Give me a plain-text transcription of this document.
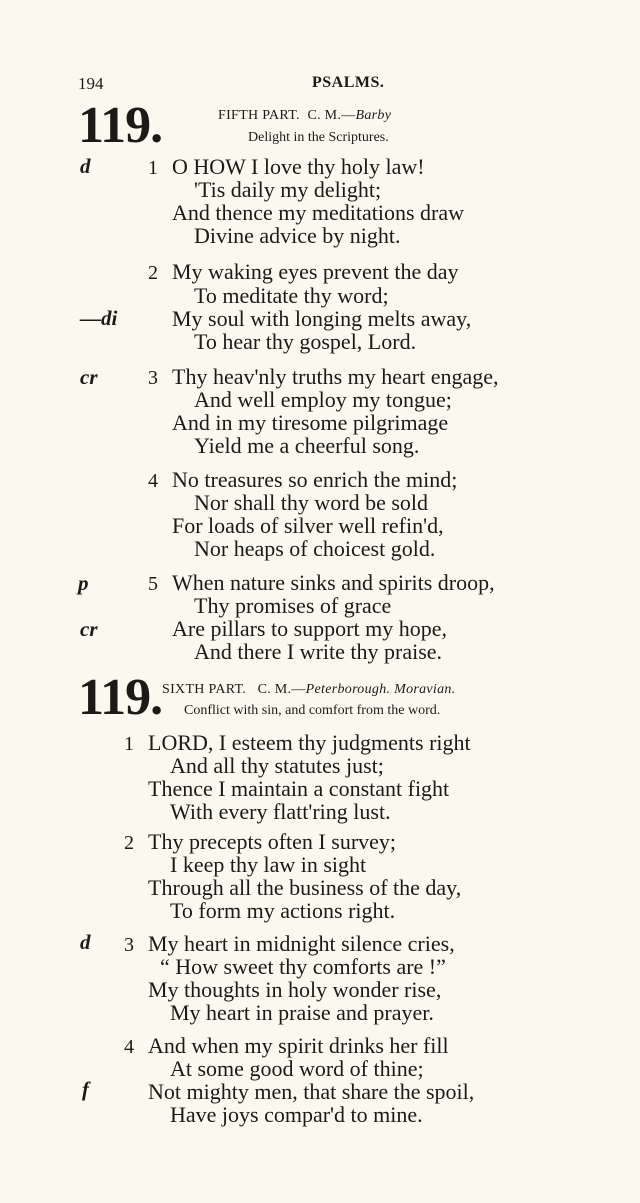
194	PSALMS.
119.	FIFTH PART. C. M.—Barby
Delight in the Scriptures.
d
—di
cr
p
cr
1 O HOW I love thy holy law!
'Tis daily my delight;
And thence my meditations draw
Divine advice by night.
2 My waking eyes prevent the day
To meditate thy word;
My soul with longing melts away,
To hear thy gospel, Lord.
3 Thy heav'nly truths my heart engage,
And well employ my tongue;
And in my tiresome pilgrimage
Yield me a cheerful song.
4 No treasures so enrich the mind;
Nor shall thy word be sold
For loads of silver well refin'd,
Nor heaps of choicest gold.
5 When nature sinks and spirits droop,
Thy promises of grace
Are pillars to support my hope,
And there I write thy praise.
119. SIXTH PART. C. M.—Peterborough. Moravian.
Conflict with sin, and comfort from the word.
d
f
1 LORD, I esteem thy judgments right
And all thy statutes just;
Thence I maintain a constant fight
With every flatt'ring lust.
2 Thy precepts often I survey;
I keep thy law in sight
Through all the business of the day,
To form my actions right.
3 My heart in midnight silence cries,
“ How sweet thy comforts are !”
My thoughts in holy wonder rise,
My heart in praise and prayer.
4 And when my spirit drinks her fill
At some good word of thine;
Not mighty men, that share the spoil,
Have joys compar'd to mine.
